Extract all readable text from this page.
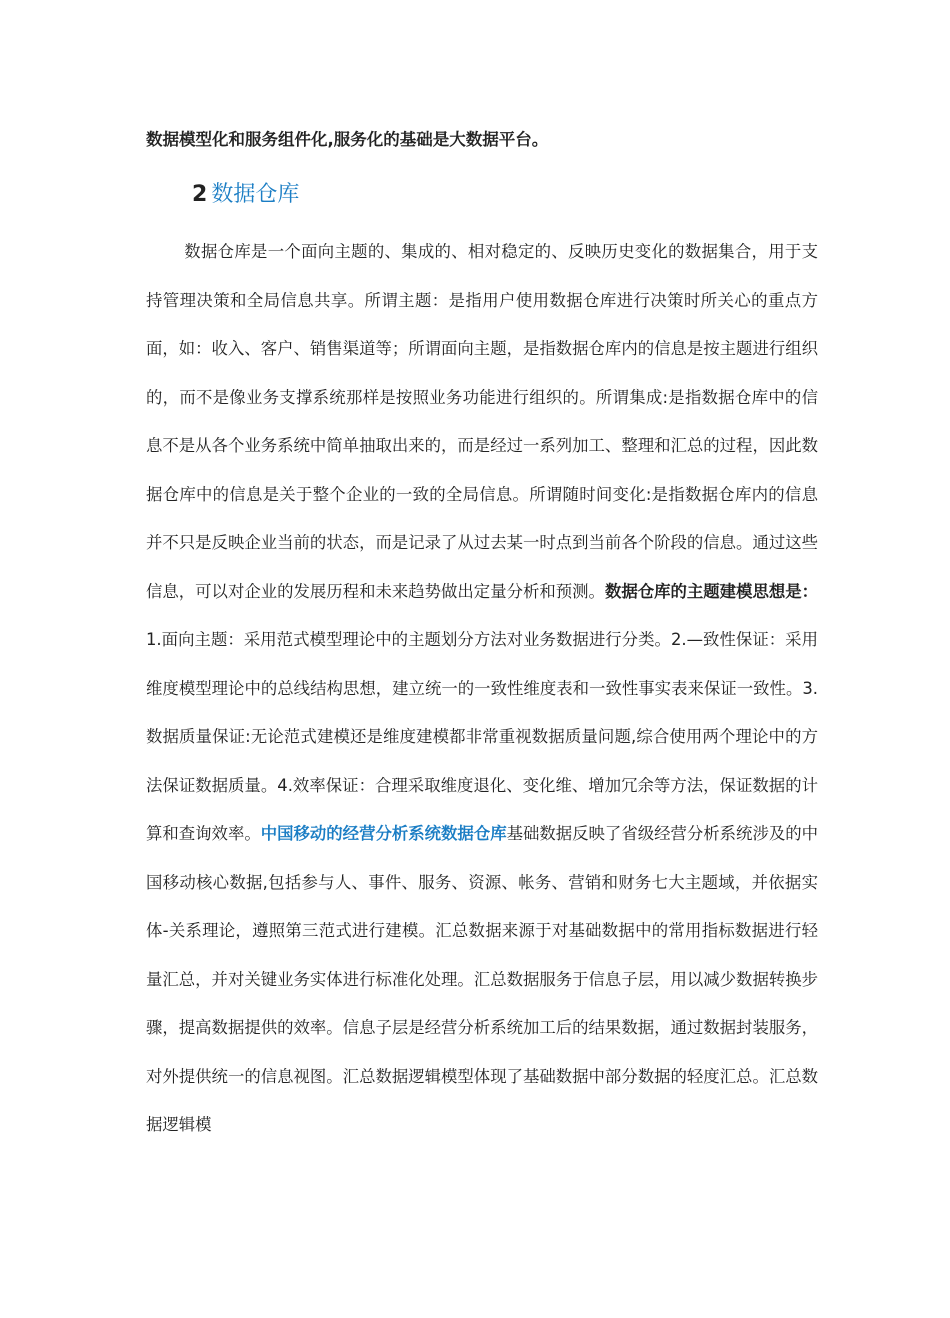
数据模型化和服务组件化,服务化的基础是大数据平台。
2 数据仓库
数据仓库是一个面向主题的、集成的、相对稳定的、反映历史变化的数据集合，用于支持管理决策和全局信息共享。所谓主题：是指用户使用数据仓库进行决策时所关心的重点方面，如：收入、客户、销售渠道等；所谓面向主题，是指数据仓库内的信息是按主题进行组织的，而不是像业务支撑系统那样是按照业务功能进行组织的。所谓集成:是指数据仓库中的信息不是从各个业务系统中简单抽取出来的，而是经过一系列加工、整理和汇总的过程，因此数据仓库中的信息是关于整个企业的一致的全局信息。所谓随时间变化:是指数据仓库内的信息并不只是反映企业当前的状态，而是记录了从过去某一时点到当前各个阶段的信息。通过这些信息，可以对企业的发展历程和未来趋势做出定量分析和预测。数据仓库的主题建模思想是：1.面向主题：采用范式模型理论中的主题划分方法对业务数据进行分类。2.—致性保证：采用维度模型理论中的总线结构思想，建立统一的一致性维度表和一致性事实表来保证一致性。3.数据质量保证:无论范式建模还是维度建模都非常重视数据质量问题,综合使用两个理论中的方法保证数据质量。4.效率保证：合理采取维度退化、变化维、增加冗余等方法，保证数据的计算和查询效率。中国移动的经营分析系统数据仓库基础数据反映了省级经营分析系统涉及的中国移动核心数据,包括参与人、事件、服务、资源、帐务、营销和财务七大主题域，并依据实体-关系理论，遵照第三范式进行建模。汇总数据来源于对基础数据中的常用指标数据进行轻量汇总，并对关键业务实体进行标准化处理。汇总数据服务于信息子层，用以减少数据转换步骤，提高数据提供的效率。信息子层是经营分析系统加工后的结果数据，通过数据封装服务，对外提供统一的信息视图。汇总数据逻辑模型体现了基础数据中部分数据的轻度汇总。汇总数据逻辑模
